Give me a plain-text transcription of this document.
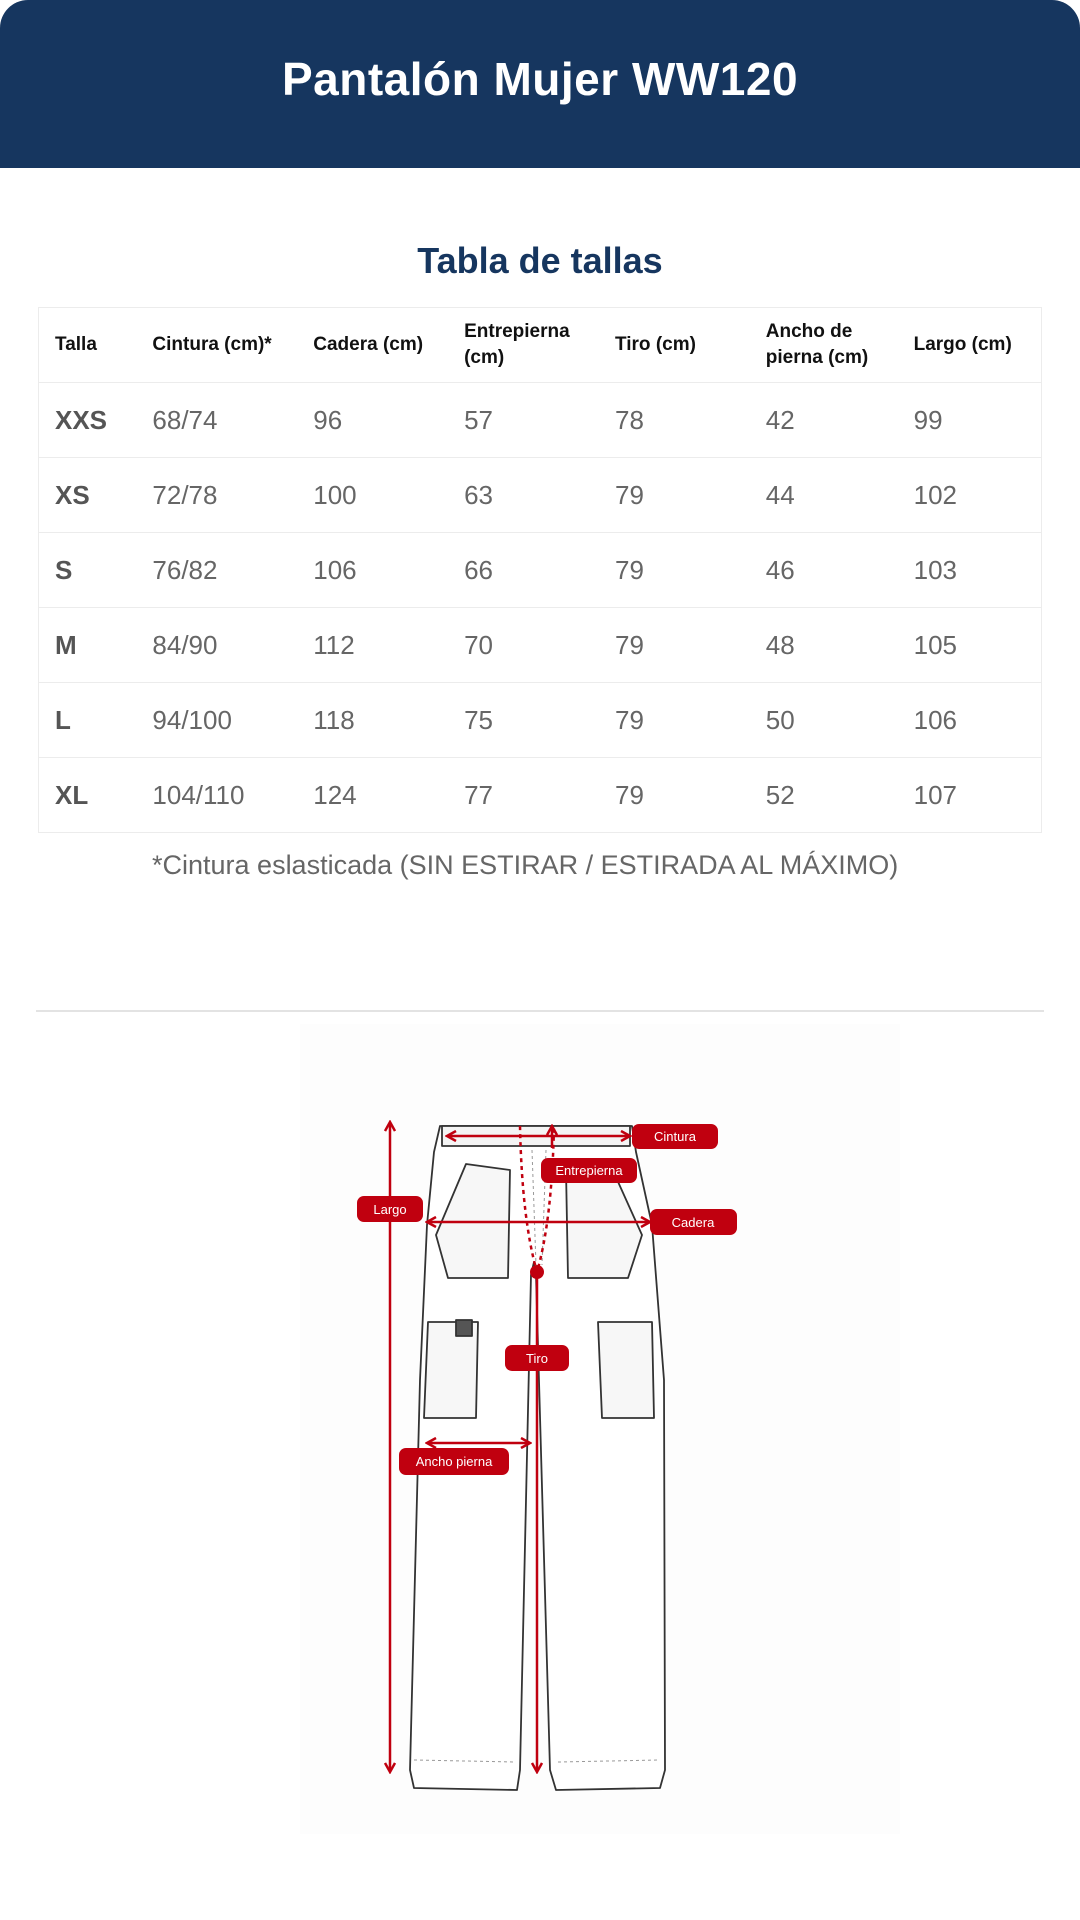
Pantalón Mujer WW120
Tabla de tallas
Talla	Cintura (cm)*	Cadera (cm)	Entrepierna (cm)	Tiro (cm)	Ancho de pierna (cm)	Largo (cm)
XXS	68/74	96	57	78	42	99
XS	72/78	100	63	79	44	102
S	76/82	106	66	79	46	103
M	84/90	112	70	79	48	105
L	94/100	118	75	79	50	106
XL	104/110	124	77	79	52	107
*Cintura eslasticada (SIN ESTIRAR / ESTIRADA AL MÁXIMO)
Cintura
Entrepierna
Cadera
Largo
Tiro
Ancho pierna
